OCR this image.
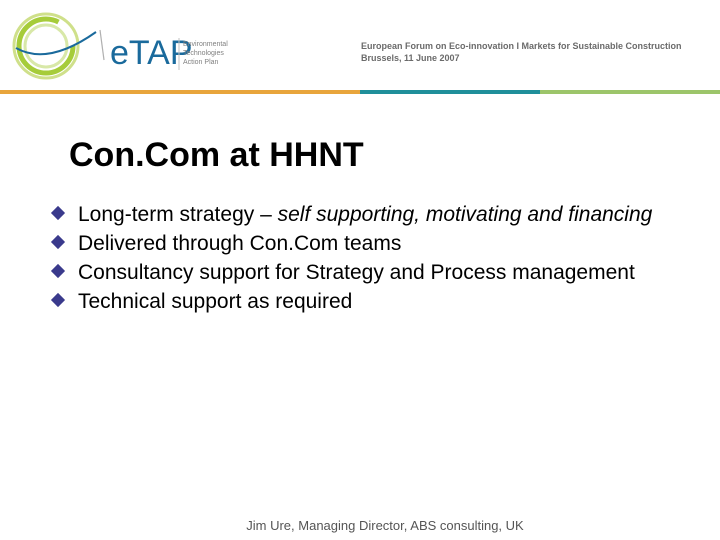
eTAP
Environmental
Technologies
Action Plan
European Forum on Eco-innovation I Markets for Sustainable Construction
Brussels, 11 June 2007
Con.Com at HHNT
Long-term strategy – self supporting, motivating and financing
Delivered through Con.Com teams
Consultancy support for Strategy and Process management
Technical support as required
Jim Ure, Managing Director, ABS consulting, UK
